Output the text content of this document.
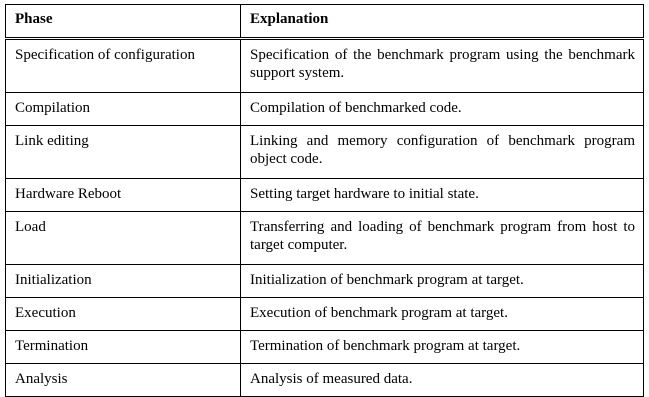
Phase	Explanation
Specification of configuration	Specification of the benchmark program using the benchmark support system.
Compilation	Compilation of benchmarked code.
Link editing	Linking and memory configuration of benchmark program object code.
Hardware Reboot	Setting target hardware to initial state.
Load	Transferring and loading of benchmark program from host to target computer.
Initialization	Initialization of benchmark program at target.
Execution	Execution of benchmark program at target.
Termination	Termination of benchmark program at target.
Analysis	Analysis of measured data.
